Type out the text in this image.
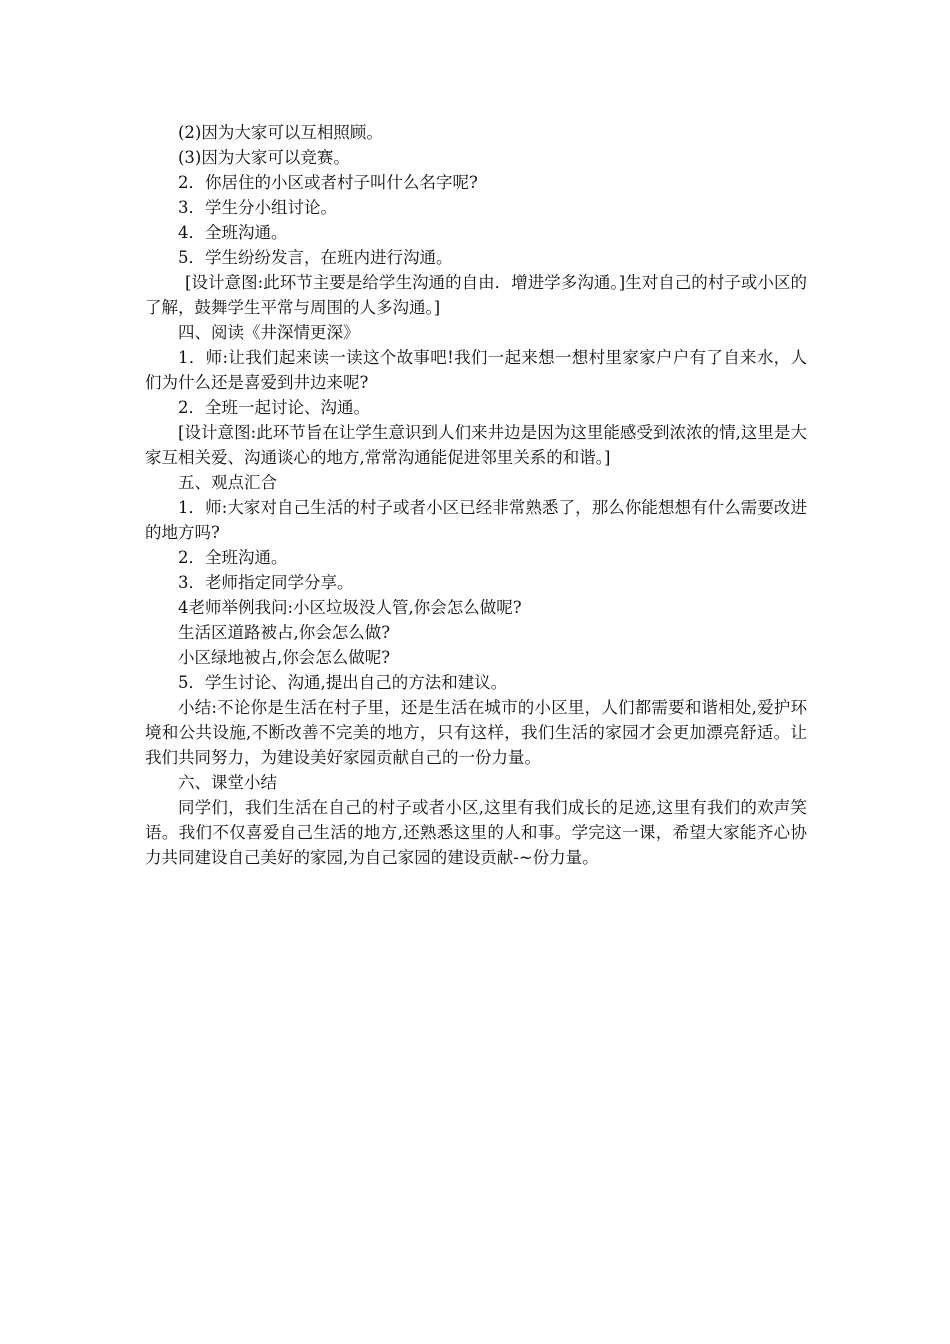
(2)因为大家可以互相照顾。

(3)因为大家可以竞赛。

2．你居住的小区或者村子叫什么名字呢?

3．学生分小组讨论。

4．全班沟通。

5．学生纷纷发言，在班内进行沟通。

[设计意图:此环节主要是给学生沟通的自由．增进学多沟通。]生对自己的村子或小区的了解，鼓舞学生平常与周围的人多沟通。]

四、阅读《井深情更深》

1．师:让我们起来读一读这个故事吧!我们一起来想一想村里家家户户有了自来水，人们为什么还是喜爱到井边来呢?

2．全班一起讨论、沟通。

[设计意图:此环节旨在让学生意识到人们来井边是因为这里能感受到浓浓的情,这里是大家互相关爱、沟通谈心的地方,常常沟通能促进邻里关系的和谐。]

五、观点汇合

1．师:大家对自己生活的村子或者小区已经非常熟悉了，那么你能想想有什么需要改进的地方吗?

2．全班沟通。

3．老师指定同学分享。

4老师举例我问:小区垃圾没人管,你会怎么做呢?

生活区道路被占,你会怎么做?

小区绿地被占,你会怎么做呢?

5．学生讨论、沟通,提出自己的方法和建议。

小结:不论你是生活在村子里，还是生活在城市的小区里，人们都需要和谐相处,爱护环境和公共设施,不断改善不完美的地方，只有这样，我们生活的家园才会更加漂亮舒适。让我们共同努力，为建设美好家园贡献自己的一份力量。

六、课堂小结

同学们，我们生活在自己的村子或者小区,这里有我们成长的足迹,这里有我们的欢声笑语。我们不仅喜爱自己生活的地方,还熟悉这里的人和事。学完这一课，希望大家能齐心协力共同建设自己美好的家园,为自己家园的建设贡献-~份力量。
